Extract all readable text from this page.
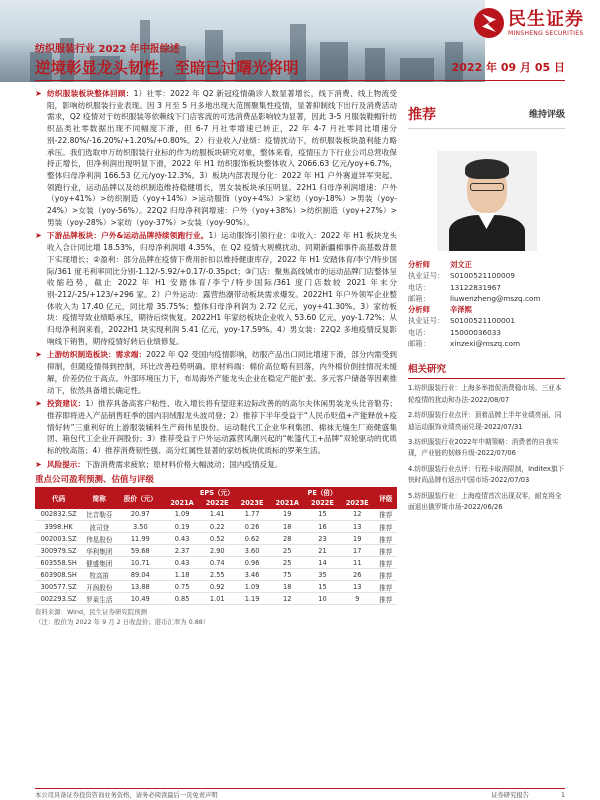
民生证券
MINSHENG SECURITIES
纺织服装行业 2022 年中报综述
逆境彰显龙头韧性，至暗已过曙光将明	2022 年 09 月 05 日
➤ 纺织服装板块整体回顾：1）社零：2022 年 Q2 新冠疫情确诊人数显著增长，线下消费、线上物流受阻，影响纺织服装行业表现。因 3 月至 5 月多地出现大范围聚集性疫情，显著抑制线下出行及消费活动需求，Q2 疫情对于纺织服装等依赖线下门店客流的可选消费品影响较为显著，因此 3-5 月服装鞋帽针纺织品类社零数据出现不同幅度下滑，但 6-7 月社零增速已转正，22 年 4-7 月社零同比增速分别-22.80%/-16.20%/+1.20%/+0.80%。2）行业收入/业绩：疫情扰动下，纺织服装板块盈利能力略承压。我们选取申万纺织服装行业标的作为纺服板块研究对象，整体来看，疫情压力下行业公司总营收保持正增长，但净利润出现明显下滑，2022 年 H1 纺织服饰板块整体收入 2066.63 亿元/yoy+6.7%，整体归母净利润 166.53 亿元/yoy-12.3%。3）板块内部表现分化：2022 年 H1 户外赛道异军突起、领跑行业，运动品牌以及纺织制造维持稳健增长，男女装板块承压明显。22H1 归母净利润增速：户外（yoy+41%）>纺织制造（yoy+14%）>运动服饰（yoy+4%）>家纺（yoy-18%）>男装（yoy-24%）>女装（yoy-56%）。22Q2 归母净利润增速：户外（yoy+38%）>纺织制造（yoy+27%）>男装（yoy-28%）>家纺（yoy-37%）>女装（yoy-90%）。
➤ 下游品牌板块：户外&运动品牌持续领跑行业。1）运动服饰引领行业：①收入：2022 年 H1 板块龙头收入合计同比增 18.53%，归母净利润增 4.35%，在 Q2 疫情大规模扰动、同期新疆棉事件高基数背景下实现增长；②盈利：部分品牌在疫情下费用折扣以维持健康库存，2022 年 H1 安踏体育/李宁/特步国际/361 度毛利率同比分别-1.12/-5.92/+0.17/-0.35pct；③门店：聚焦高线城市的运动品牌门店整体呈收缩趋势，截止 2022 年 H1 安踏体育/李宁/特步国际/361 度门店数较 2021 年末分别-212/-25/+123/+296 家。2）户外运动：露营热潮带动板块需求爆发。2022H1 年户外领军企业整体收入为 17.40 亿元，同比增 35.75%；整体归母净利润为 2.72 亿元，yoy+41.30%。3）家纺板块：疫情导致业绩略承压，期待后续恢复。2022H1 年家纺板块企业收入 53.60 亿元，yoy-1.72%；从归母净利润来看，2022H1 块实现利润 5.41 亿元，yoy-17.59%。4）男女装：22Q2 多地疫情反复影响线下销售，期待疫情好转后业绩修复。
➤ 上游纺织制造板块：需求端：2022 年 Q2 受国内疫情影响，纺服产品出口同比增速下滑，部分内需受到抑制，但随疫情得到控制，环比改善趋势明确。原材料端：棉价高位略有回落，内外棉价倒挂情况未缓解，价差仍位于高点。外部环境压力下，布局海外产能龙头企业在稳定产能扩张、多元客户储备等因素推动下，依然具备增长确定性。
➤ 投资建议：1）推荐具备高客户粘性、收入增长将有望迎来边际改善的的高尔夫休闲男装龙头比音勒芬；推荐即将进入产品销售旺季的国内羽绒服龙头波司登；2）推荐下半年受益于“人民币贬值+产能释放+疫情好转”三重利好的上游服装辅料生产商伟星股份、运动鞋代工企业华利集团、棉袜无缝生厂商健盛集团、箱包代工企业开润股份；3）推荐受益于户外运动露营风潮兴起的“帐篷代工+品牌”双轮驱动的优质标的牧高笛；4）推荐消费韧性强、高分红属性显著的家纺板块优质标的罗莱生活。
➤ 风险提示：下游消费需求疲软；原材料价格大幅波动；国内疫情反复。
重点公司盈利预测、估值与评级
代码	简称	股价（元）	EPS（元）			PE（倍）			评级
			2021A	2022E	2023E	2021A	2022E	2023E	
002832.SZ	比音勒芬	20.97	1.09	1.41	1.77	19	15	12	推荐
3998.HK	波司登	3.50	0.19	0.22	0.26	18	16	13	推荐
002003.SZ	伟星股份	11.99	0.43	0.52	0.62	28	23	19	推荐
300979.SZ	华利集团	59.68	2.37	2.90	3.60	25	21	17	推荐
603558.SH	健盛集团	10.71	0.43	0.74	0.96	25	14	11	推荐
603908.SH	牧高笛	89.04	1.18	2.55	3.46	75	35	26	推荐
300577.SZ	开润股份	13.88	0.75	0.92	1.09	18	15	13	推荐
002293.SZ	罗莱生活	10.49	0.85	1.01	1.19	12	10	9	推荐
资料来源：Wind，民生证券研究院预测
（注：股价为 2022 年 9 月 2 日收盘价；港币汇率为 0.88）
推荐	维持评级
分析师	刘文正
执业证号： S0100521100009
电话：	13122831967
邮箱：	liuwenzheng@mszq.com
分析师	辛泽熙
执业证号： S0100521100001
电话：	15000036033
邮箱：	xinzexi@mszq.com
相关研究
1.纺织服装行业：上海多举措促消费稳市场、三亚本轮疫情的扰动和办法-2022/08/07
2.纺织服装行业点评：顶着品牌上半年业绩亮丽，同迪运动服饰业绩亮丽兑现-2022/07/31
3.纺织服装行业2022年中期策略：消费者的自我实现，产业链的韧修升级-2022/07/06
4.纺织服装行业点评：行程卡取消限制，Inditex旗下快时尚品牌有返出中国市场-2022/07/03
5.纺织服装行业：上海疫情首次出现双零，耐克将全面退出俄罗斯市场-2022/06/26
本公司具备证券投资咨询业务资格，请务必阅读最后一页免责声明	证券研究报告	1
